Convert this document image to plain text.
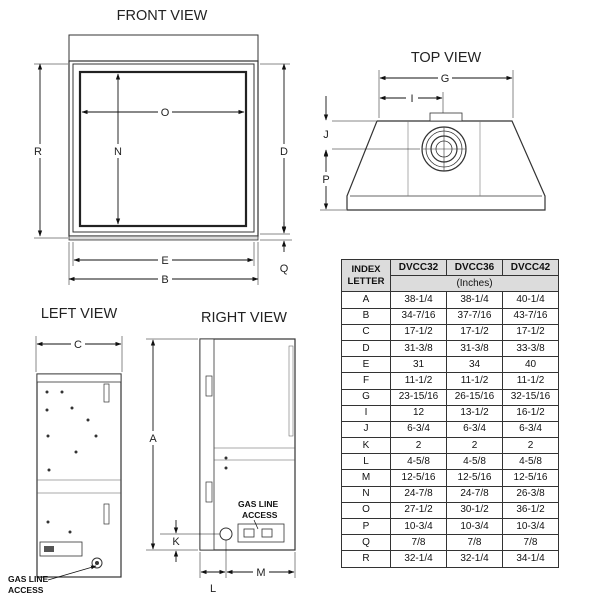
FRONT VIEW
R	N
O
D
E
B
Q
TOP VIEW
G
I
J
P
LEFT VIEW
C
GAS LINE
ACCESS
RIGHT VIEW
GAS LINE
ACCESS
A
K
L
M
INDEX
LETTER	DVCC32	DVCC36	DVCC42
	(Inches)		
A	38-1/4	38-1/4	40-1/4
B	34-7/16	37-7/16	43-7/16
C	17-1/2	17-1/2	17-1/2
D	31-3/8	31-3/8	33-3/8
E	31	34	40
F	11-1/2	11-1/2	11-1/2
G	23-15/16	26-15/16	32-15/16
I	12	13-1/2	16-1/2
J	6-3/4	6-3/4	6-3/4
K	2	2	2
L	4-5/8	4-5/8	4-5/8
M	12-5/16	12-5/16	12-5/16
N	24-7/8	24-7/8	26-3/8
O	27-1/2	30-1/2	36-1/2
P	10-3/4	10-3/4	10-3/4
Q	7/8	7/8	7/8
R	32-1/4	32-1/4	34-1/4
